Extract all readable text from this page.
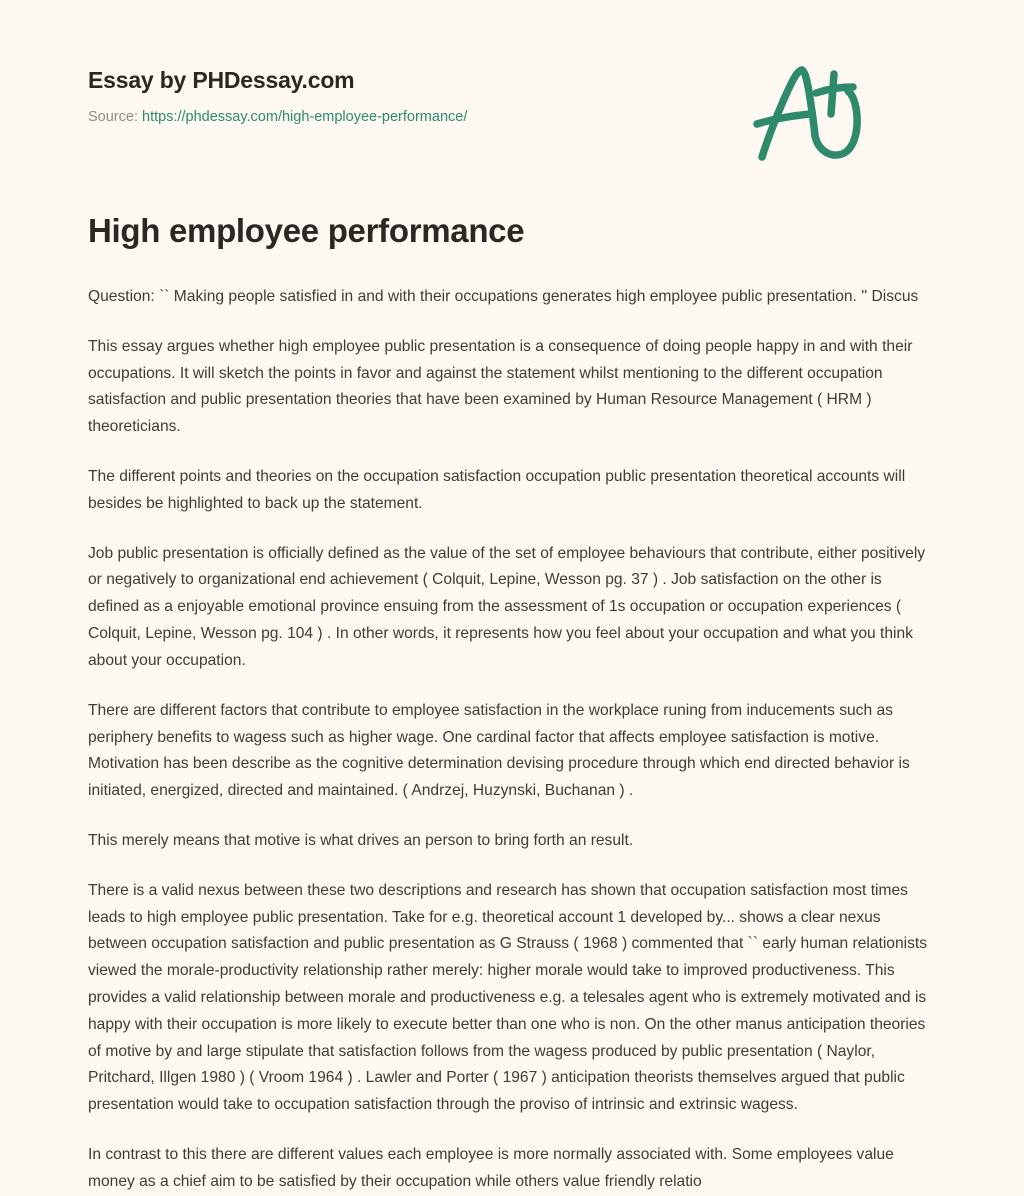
Essay by PHDessay.com
Source: https://phdessay.com/high-employee-performance/
High employee performance

Question: `` Making people satisfied in and with their occupations generates high employee public presentation. '' Discus

This essay argues whether high employee public presentation is a consequence of doing people happy in and with their occupations. It will sketch the points in favor and against the statement whilst mentioning to the different occupation satisfaction and public presentation theories that have been examined by Human Resource Management ( HRM ) theoreticians.

The different points and theories on the occupation satisfaction occupation public presentation theoretical accounts will besides be highlighted to back up the statement.

Job public presentation is officially defined as the value of the set of employee behaviours that contribute, either positively or negatively to organizational end achievement ( Colquit, Lepine, Wesson pg. 37 ) . Job satisfaction on the other is defined as a enjoyable emotional province ensuing from the assessment of 1s occupation or occupation experiences ( Colquit, Lepine, Wesson pg. 104 ) . In other words, it represents how you feel about your occupation and what you think about your occupation.

There are different factors that contribute to employee satisfaction in the workplace runing from inducements such as periphery benefits to wagess such as higher wage. One cardinal factor that affects employee satisfaction is motive. Motivation has been describe as the cognitive determination devising procedure through which end directed behavior is initiated, energized, directed and maintained. ( Andrzej, Huzynski, Buchanan ) .

This merely means that motive is what drives an person to bring forth an result.

There is a valid nexus between these two descriptions and research has shown that occupation satisfaction most times leads to high employee public presentation. Take for e.g. theoretical account 1 developed by... shows a clear nexus between occupation satisfaction and public presentation as G Strauss ( 1968 ) commented that `` early human relationists viewed the morale-productivity relationship rather merely: higher morale would take to improved productiveness. This provides a valid relationship between morale and productiveness e.g. a telesales agent who is extremely motivated and is happy with their occupation is more likely to execute better than one who is non. On the other manus anticipation theories of motive by and large stipulate that satisfaction follows from the wagess produced by public presentation ( Naylor, Pritchard, Illgen 1980 ) ( Vroom 1964 ) . Lawler and Porter ( 1967 ) anticipation theorists themselves argued that public presentation would take to occupation satisfaction through the proviso of intrinsic and extrinsic wagess.

In contrast to this there are different values each employee is more normally associated with. Some employees value money as a chief aim to be satisfied by their occupation while others value friendly relatio
